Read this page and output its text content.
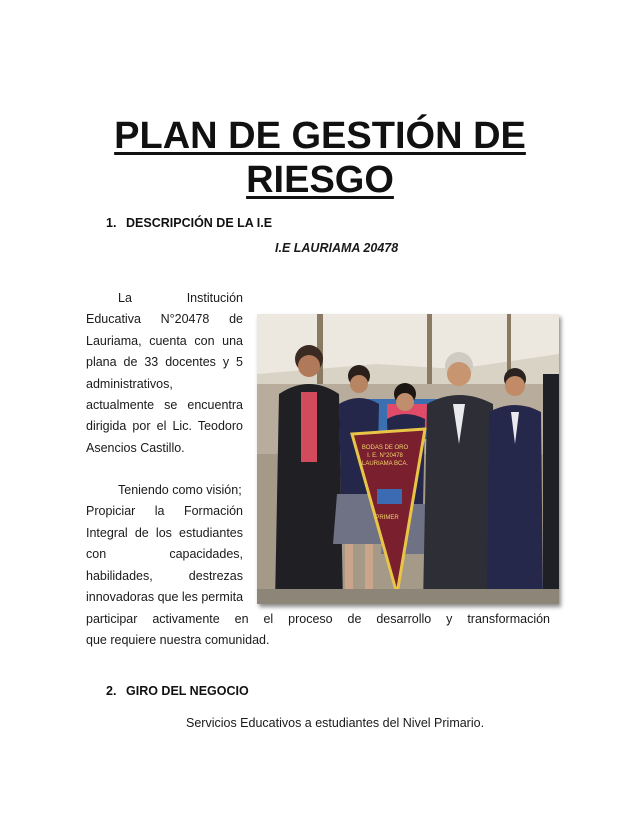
PLAN DE GESTIÓN DE
RIESGO
1. DESCRIPCIÓN DE LA I.E
I.E LAURIAMA 20478
La Institución
Educativa N°20478 de
Lauriama, cuenta con una
plana de 33 docentes y 5
administrativos,
actualmente se encuentra
dirigida por el Lic. Teodoro
Asencios Castillo.
Teniendo como visión;
Propiciar la Formación
Integral de los estudiantes
con capacidades,
habilidades, destrezas
innovadoras que les permita
participar activamente en el proceso de desarrollo y transformación
que requiere nuestra comunidad.
2. GIRO DEL NEGOCIO
Servicios Educativos a estudiantes del Nivel Primario.
BODAS DE ORO
I. E. N°20478
LAURIAMA BCA.
PRIMER
